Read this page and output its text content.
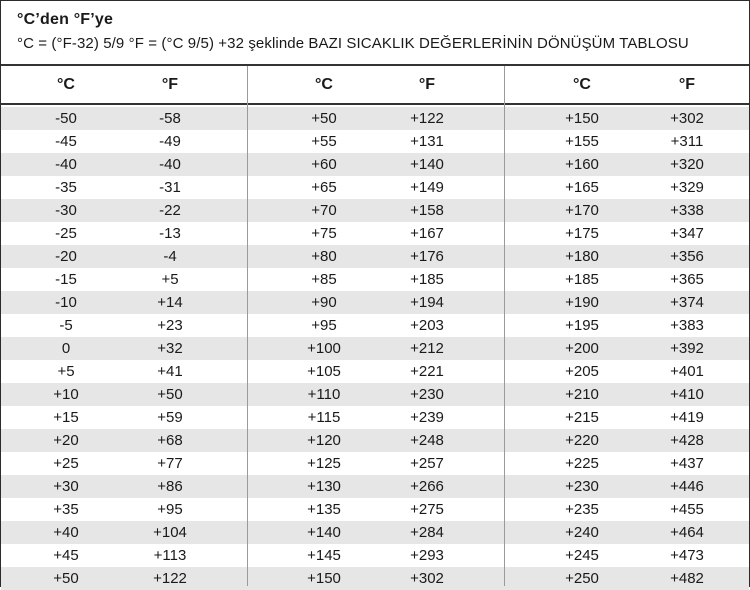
°C’den °F’ye
°C = (°F-32) 5/9 °F = (°C 9/5) +32 şeklinde BAZI SICAKLIK DEĞERLERİNİN DÖNÜŞÜM TABLOSU
°C	°F	°C	°F	°C	°F
-50	-58	+50	+122	+150	+302
-45	-49	+55	+131	+155	+311
-40	-40	+60	+140	+160	+320
-35	-31	+65	+149	+165	+329
-30	-22	+70	+158	+170	+338
-25	-13	+75	+167	+175	+347
-20	-4	+80	+176	+180	+356
-15	+5	+85	+185	+185	+365
-10	+14	+90	+194	+190	+374
-5	+23	+95	+203	+195	+383
0	+32	+100	+212	+200	+392
+5	+41	+105	+221	+205	+401
+10	+50	+110	+230	+210	+410
+15	+59	+115	+239	+215	+419
+20	+68	+120	+248	+220	+428
+25	+77	+125	+257	+225	+437
+30	+86	+130	+266	+230	+446
+35	+95	+135	+275	+235	+455
+40	+104	+140	+284	+240	+464
+45	+113	+145	+293	+245	+473
+50	+122	+150	+302	+250	+482
